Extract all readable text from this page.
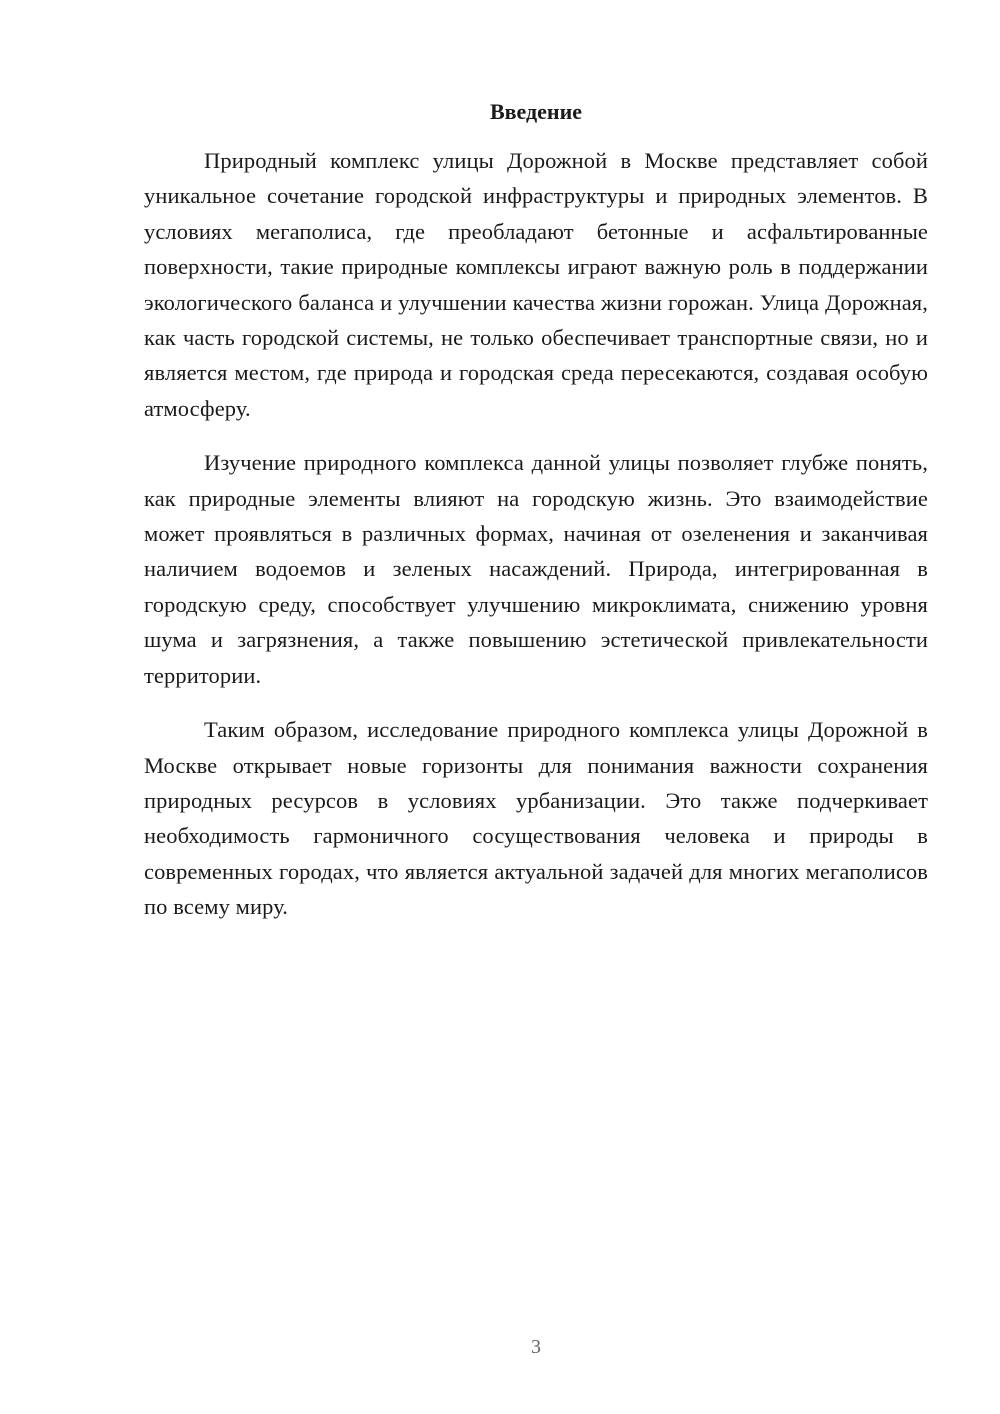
Введение

Природный комплекс улицы Дорожной в Москве представляет собой уникальное сочетание городской инфраструктуры и природных элементов. В условиях мегаполиса, где преобладают бетонные и асфальтированные поверхности, такие природные комплексы играют важную роль в поддержании экологического баланса и улучшении качества жизни горожан. Улица Дорожная, как часть городской системы, не только обеспечивает транспортные связи, но и является местом, где природа и городская среда пересекаются, создавая особую атмосферу.

Изучение природного комплекса данной улицы позволяет глубже понять, как природные элементы влияют на городскую жизнь. Это взаимодействие может проявляться в различных формах, начиная от озеленения и заканчивая наличием водоемов и зеленых насаждений. Природа, интегрированная в городскую среду, способствует улучшению микроклимата, снижению уровня шума и загрязнения, а также повышению эстетической привлекательности территории.

Таким образом, исследование природного комплекса улицы Дорожной в Москве открывает новые горизонты для понимания важности сохранения природных ресурсов в условиях урбанизации. Это также подчеркивает необходимость гармоничного сосуществования человека и природы в современных городах, что является актуальной задачей для многих мегаполисов по всему миру.

3
